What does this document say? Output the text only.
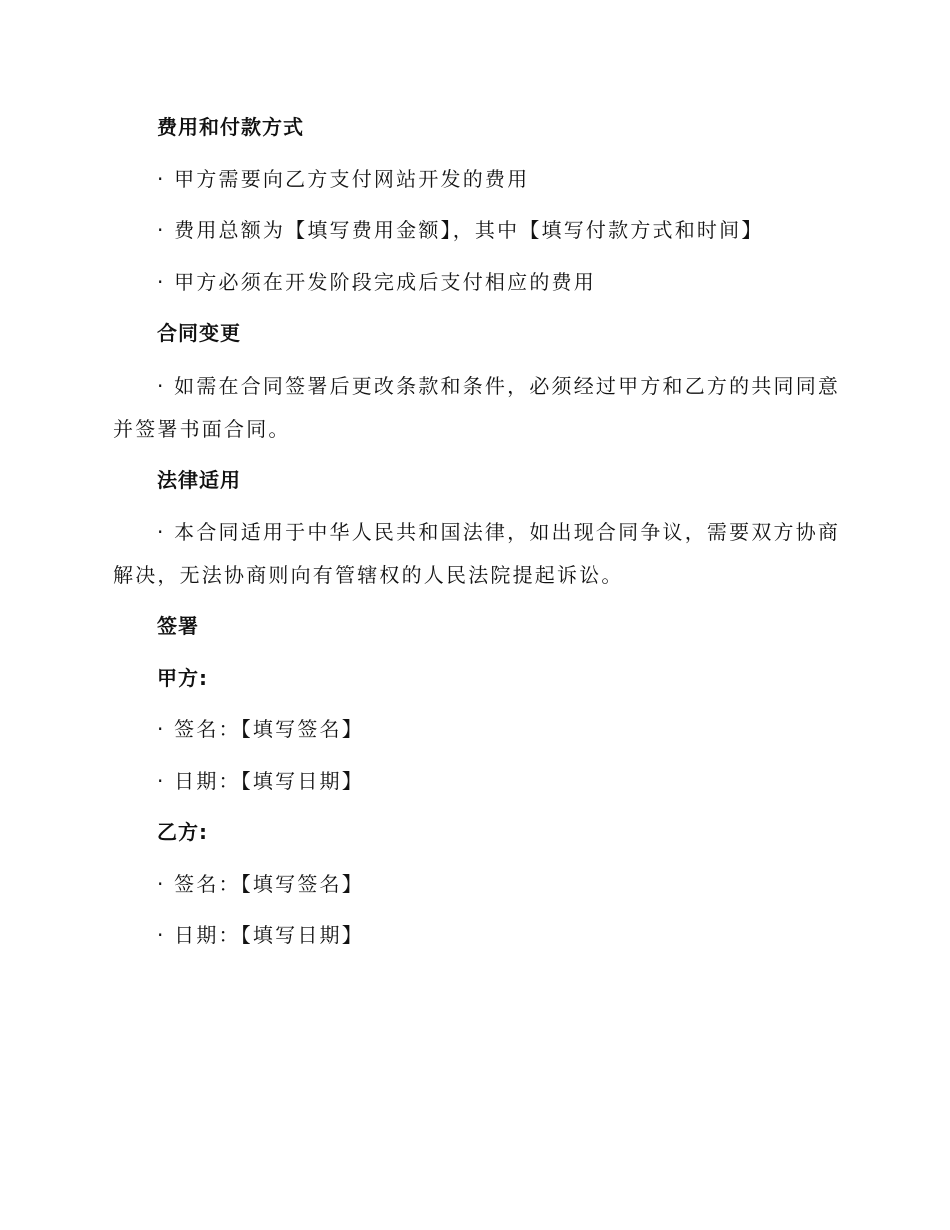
费用和付款方式
· 甲方需要向乙方支付网站开发的费用
· 费用总额为【填写费用金额】，其中【填写付款方式和时间】
· 甲方必须在开发阶段完成后支付相应的费用
合同变更
· 如需在合同签署后更改条款和条件，必须经过甲方和乙方的共同同意
并签署书面合同。
法律适用
· 本合同适用于中华人民共和国法律，如出现合同争议，需要双方协商
解决，无法协商则向有管辖权的人民法院提起诉讼。
签署
甲方:
· 签名：【填写签名】
· 日期：【填写日期】
乙方:
· 签名：【填写签名】
· 日期：【填写日期】
